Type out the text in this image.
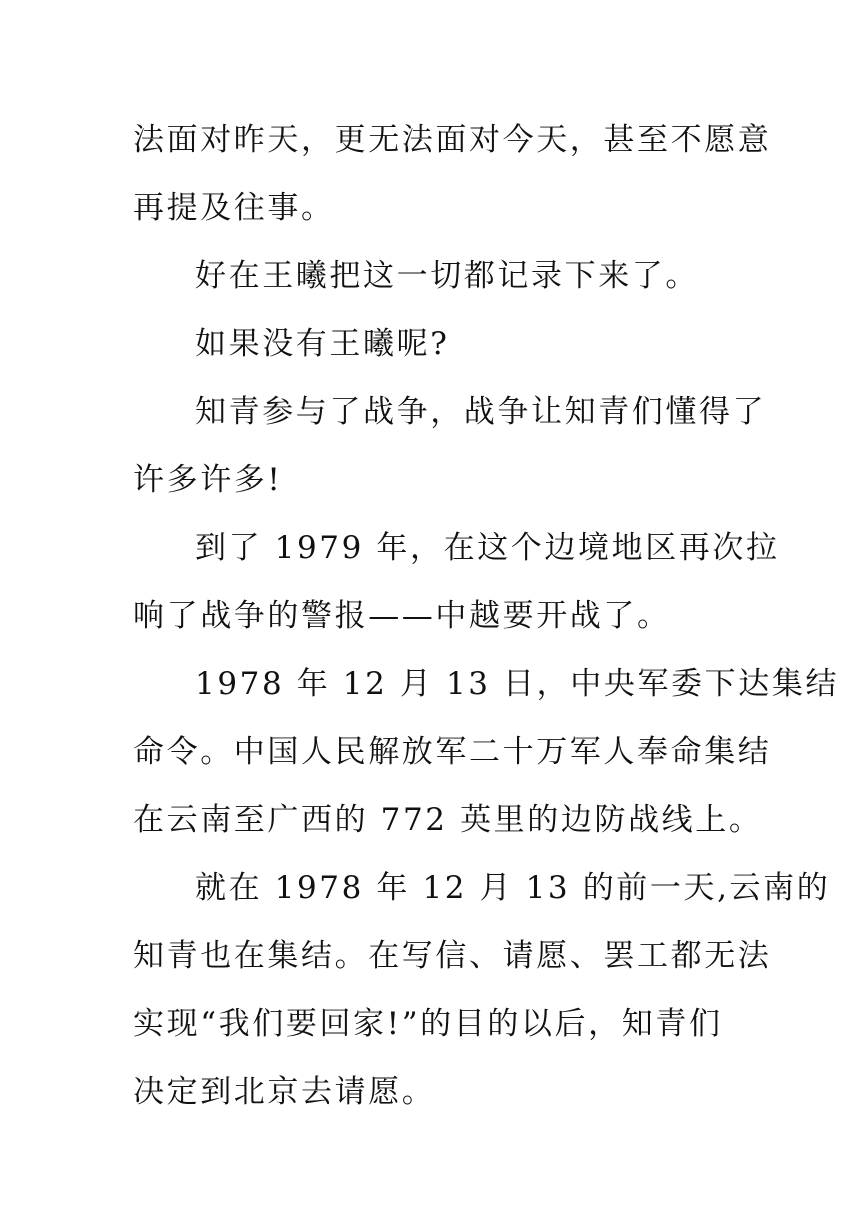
法面对昨天，更无法面对今天，甚至不愿意
再提及往事。
好在王曦把这一切都记录下来了。
如果没有王曦呢?
知青参与了战争，战争让知青们懂得了
许多许多!
到了 1979 年，在这个边境地区再次拉
响了战争的警报——中越要开战了。
1978 年 12 月 13 日，中央军委下达集结
命令。中国人民解放军二十万军人奉命集结
在云南至广西的 772 英里的边防战线上。
就在 1978 年 12 月 13 的前一天,云南的
知青也在集结。在写信、请愿、罢工都无法
实现“我们要回家!”的目的以后，知青们
决定到北京去请愿。
